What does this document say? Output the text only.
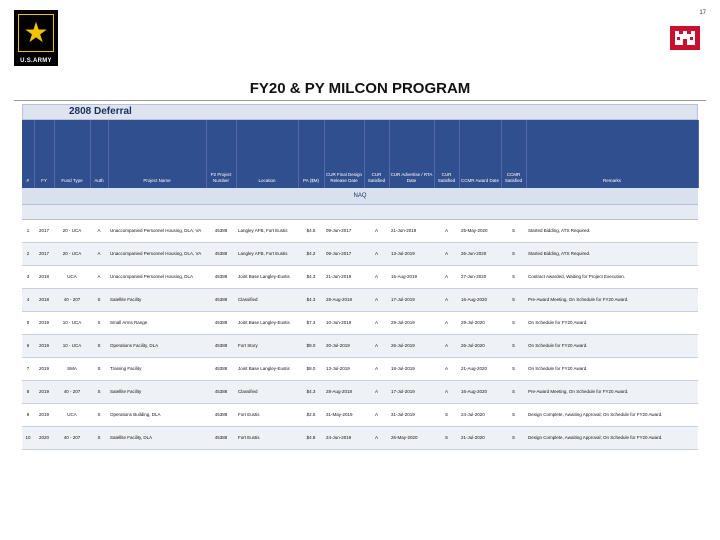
17
★
U.S.ARMY
FY20 & PY MILCON PROGRAM
2808 Deferral
#	FY	Fund Type	Auth	Project Name	P2 Project Number	Location	PA ($M)	CUR Final Design Release Date	CUR Satisfied	CUR Advertise / RTA Date	CUR Satisfied	CCMR Award Date	CCMR Satisfied	Remarks
NAQ														

1	2017	20 - UCA	A	Unaccompanied Personnel Housing, DLA, VA	45388	Langley AFB, Fort Eustis	$4.5	09-Jun-2017	A	21-Jun-2019	A	25-May-2020	S	Started Bidding, ATS Required.
2	2017	20 - UCA	A	Unaccompanied Personnel Housing, DLA, VA	45388	Langley AFB, Fort Eustis	$4.2	09-Jun-2017	A	13-Jul-2019	A	26-Jun-2020	S	Started Bidding, ATS Required.
3	2018	UCA	A	Unaccompanied Personnel Housing, DLA	45388	Joint Base Langley-Eustis	$4.3	21-Jun-2019	A	15-Aug-2019	A	27-Jun-2020	S	Contract Awarded, Waiting for Project Execution.
4	2018	40 - 207	S	Satellite Facility	45388	Classified	$4.3	28-Aug-2018	A	17-Jul-2019	A	16-Aug-2020	S	Pre-Award Meeting, On Schedule for FY20 Award.
5	2019	10 - UCA	S	Small Arms Range	45388	Joint Base Langley-Eustis	$7.3	10-Jun-2019	A	29-Jul-2019	A	29-Jul-2020	S	On Schedule for FY20 Award.
6	2019	10 - UCA	S	Operations Facility, DLA	45388	Fort Story	$8.0	20-Jul-2019	A	26-Jul-2019	A	26-Jul-2020	S	On Schedule for FY20 Award.
7	2019	SMA	S	Training Facility	45388	Joint Base Langley-Eustis	$8.0	13-Jul-2019	A	18-Jul-2019	A	21-Aug-2020	S	On Schedule for FY20 Award.
8	2019	40 - 207	S	Satellite Facility	45388	Classified	$4.3	28-Aug-2018	A	17-Jul-2019	A	16-Aug-2020	S	Pre-Award Meeting, On Schedule for FY20 Award.
9	2019	UCA	S	Operations Building, DLA	45388	Fort Eustis	$2.5	31-May-2019	A	31-Jul-2019	S	24-Jul-2020	S	Design Complete, Awaiting Approval; On Schedule for FY20 Award.
10	2020	40 - 207	S	Satellite Facility, DLA	45388	Fort Eustis	$4.8	24-Jun-2019	A	26-May-2020	S	21-Jul-2020	S	Design Complete, Awaiting Approval; On Schedule for FY20 Award.
